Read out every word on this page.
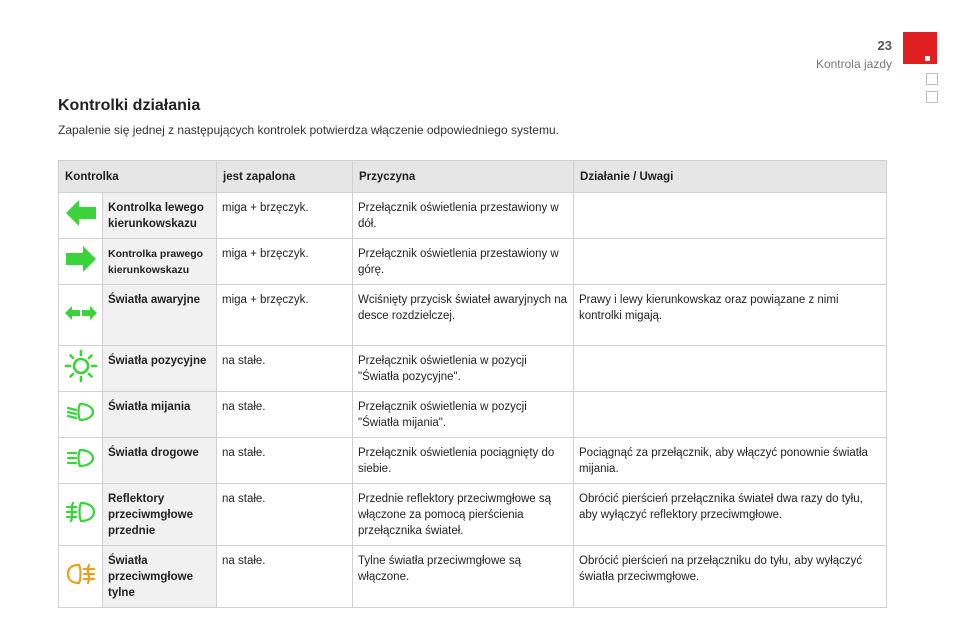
23
Kontrola jazdy
Kontrolki działania
Zapalenie się jednej z następujących kontrolek potwierdza włączenie odpowiedniego systemu.
Kontrolka		jest zapalona	Przyczyna	Działanie / Uwagi

	Kontrolka lewego kierunkowskazu	miga + brzęczyk.	Przełącznik oświetlenia przestawiony w dół.	

	Kontrolka prawego kierunkowskazu	miga + brzęczyk.	Przełącznik oświetlenia przestawiony w górę.	

	Światła awaryjne	miga + brzęczyk.	Wciśnięty przycisk świateł awaryjnych na desce rozdzielczej.	Prawy i lewy kierunkowskaz oraz powiązane z nimi kontrolki migają.

	Światła pozycyjne	na stałe.	Przełącznik oświetlenia w pozycji "Światła pozycyjne".	

	Światła mijania	na stałe.	Przełącznik oświetlenia w pozycji "Światła mijania".	

	Światła drogowe	na stałe.	Przełącznik oświetlenia pociągnięty do siebie.	Pociągnąć za przełącznik, aby włączyć ponownie światła mijania.

	Reflektory przeciwmgłowe przednie	na stałe.	Przednie reflektory przeciwmgłowe są włączone za pomocą pierścienia przełącznika świateł.	Obrócić pierścień przełącznika świateł dwa razy do tyłu, aby wyłączyć reflektory przeciwmgłowe.

	Światła przeciwmgłowe tylne	na stałe.	Tylne światła przeciwmgłowe są włączone.	Obrócić pierścień na przełączniku do tyłu, aby wyłączyć światła przeciwmgłowe.
